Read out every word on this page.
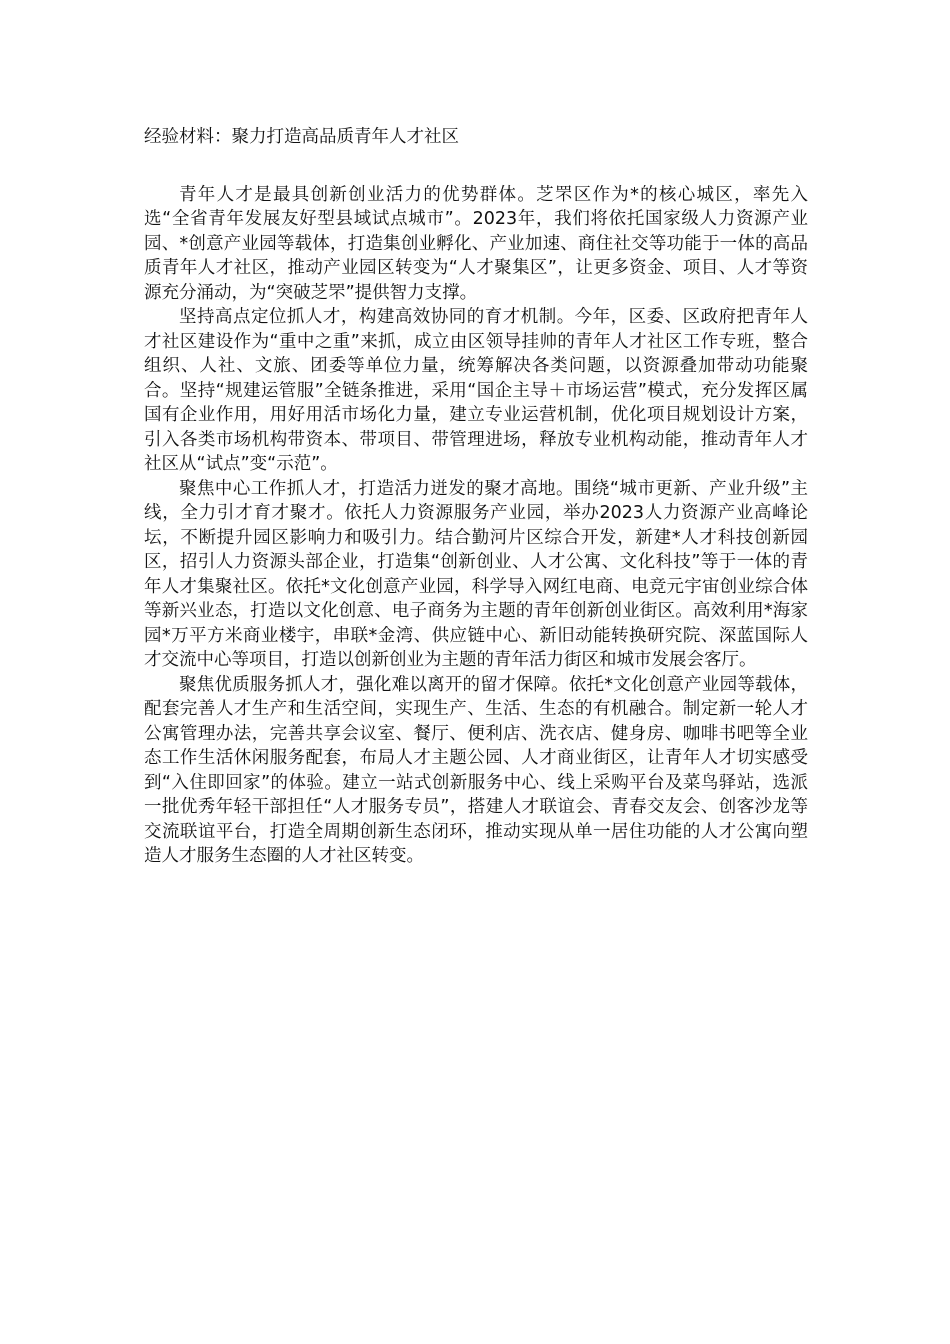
经验材料：聚力打造高品质青年人才社区

青年人才是最具创新创业活力的优势群体。芝罘区作为*的核心城区，率先入选“全省青年发展友好型县域试点城市”。2023年，我们将依托国家级人力资源产业园、*创意产业园等载体，打造集创业孵化、产业加速、商住社交等功能于一体的高品质青年人才社区，推动产业园区转变为“人才聚集区”，让更多资金、项目、人才等资源充分涌动，为“突破芝罘”提供智力支撑。

坚持高点定位抓人才，构建高效协同的育才机制。今年，区委、区政府把青年人才社区建设作为“重中之重”来抓，成立由区领导挂帅的青年人才社区工作专班，整合组织、人社、文旅、团委等单位力量，统筹解决各类问题，以资源叠加带动功能聚合。坚持“规建运管服”全链条推进，采用“国企主导＋市场运营”模式，充分发挥区属国有企业作用，用好用活市场化力量，建立专业运营机制，优化项目规划设计方案，引入各类市场机构带资本、带项目、带管理进场，释放专业机构动能，推动青年人才社区从“试点”变“示范”。

聚焦中心工作抓人才，打造活力迸发的聚才高地。围绕“城市更新、产业升级”主线，全力引才育才聚才。依托人力资源服务产业园，举办2023人力资源产业高峰论坛，不断提升园区影响力和吸引力。结合勤河片区综合开发，新建*人才科技创新园区，招引人力资源头部企业，打造集“创新创业、人才公寓、文化科技”等于一体的青年人才集聚社区。依托*文化创意产业园，科学导入网红电商、电竞元宇宙创业综合体等新兴业态，打造以文化创意、电子商务为主题的青年创新创业街区。高效利用*海家园*万平方米商业楼宇，串联*金湾、供应链中心、新旧动能转换研究院、深蓝国际人才交流中心等项目，打造以创新创业为主题的青年活力街区和城市发展会客厅。

聚焦优质服务抓人才，强化难以离开的留才保障。依托*文化创意产业园等载体，配套完善人才生产和生活空间，实现生产、生活、生态的有机融合。制定新一轮人才公寓管理办法，完善共享会议室、餐厅、便利店、洗衣店、健身房、咖啡书吧等全业态工作生活休闲服务配套，布局人才主题公园、人才商业街区，让青年人才切实感受到“入住即回家”的体验。建立一站式创新服务中心、线上采购平台及菜鸟驿站，选派一批优秀年轻干部担任“人才服务专员”，搭建人才联谊会、青春交友会、创客沙龙等交流联谊平台，打造全周期创新生态闭环，推动实现从单一居住功能的人才公寓向塑造人才服务生态圈的人才社区转变。
